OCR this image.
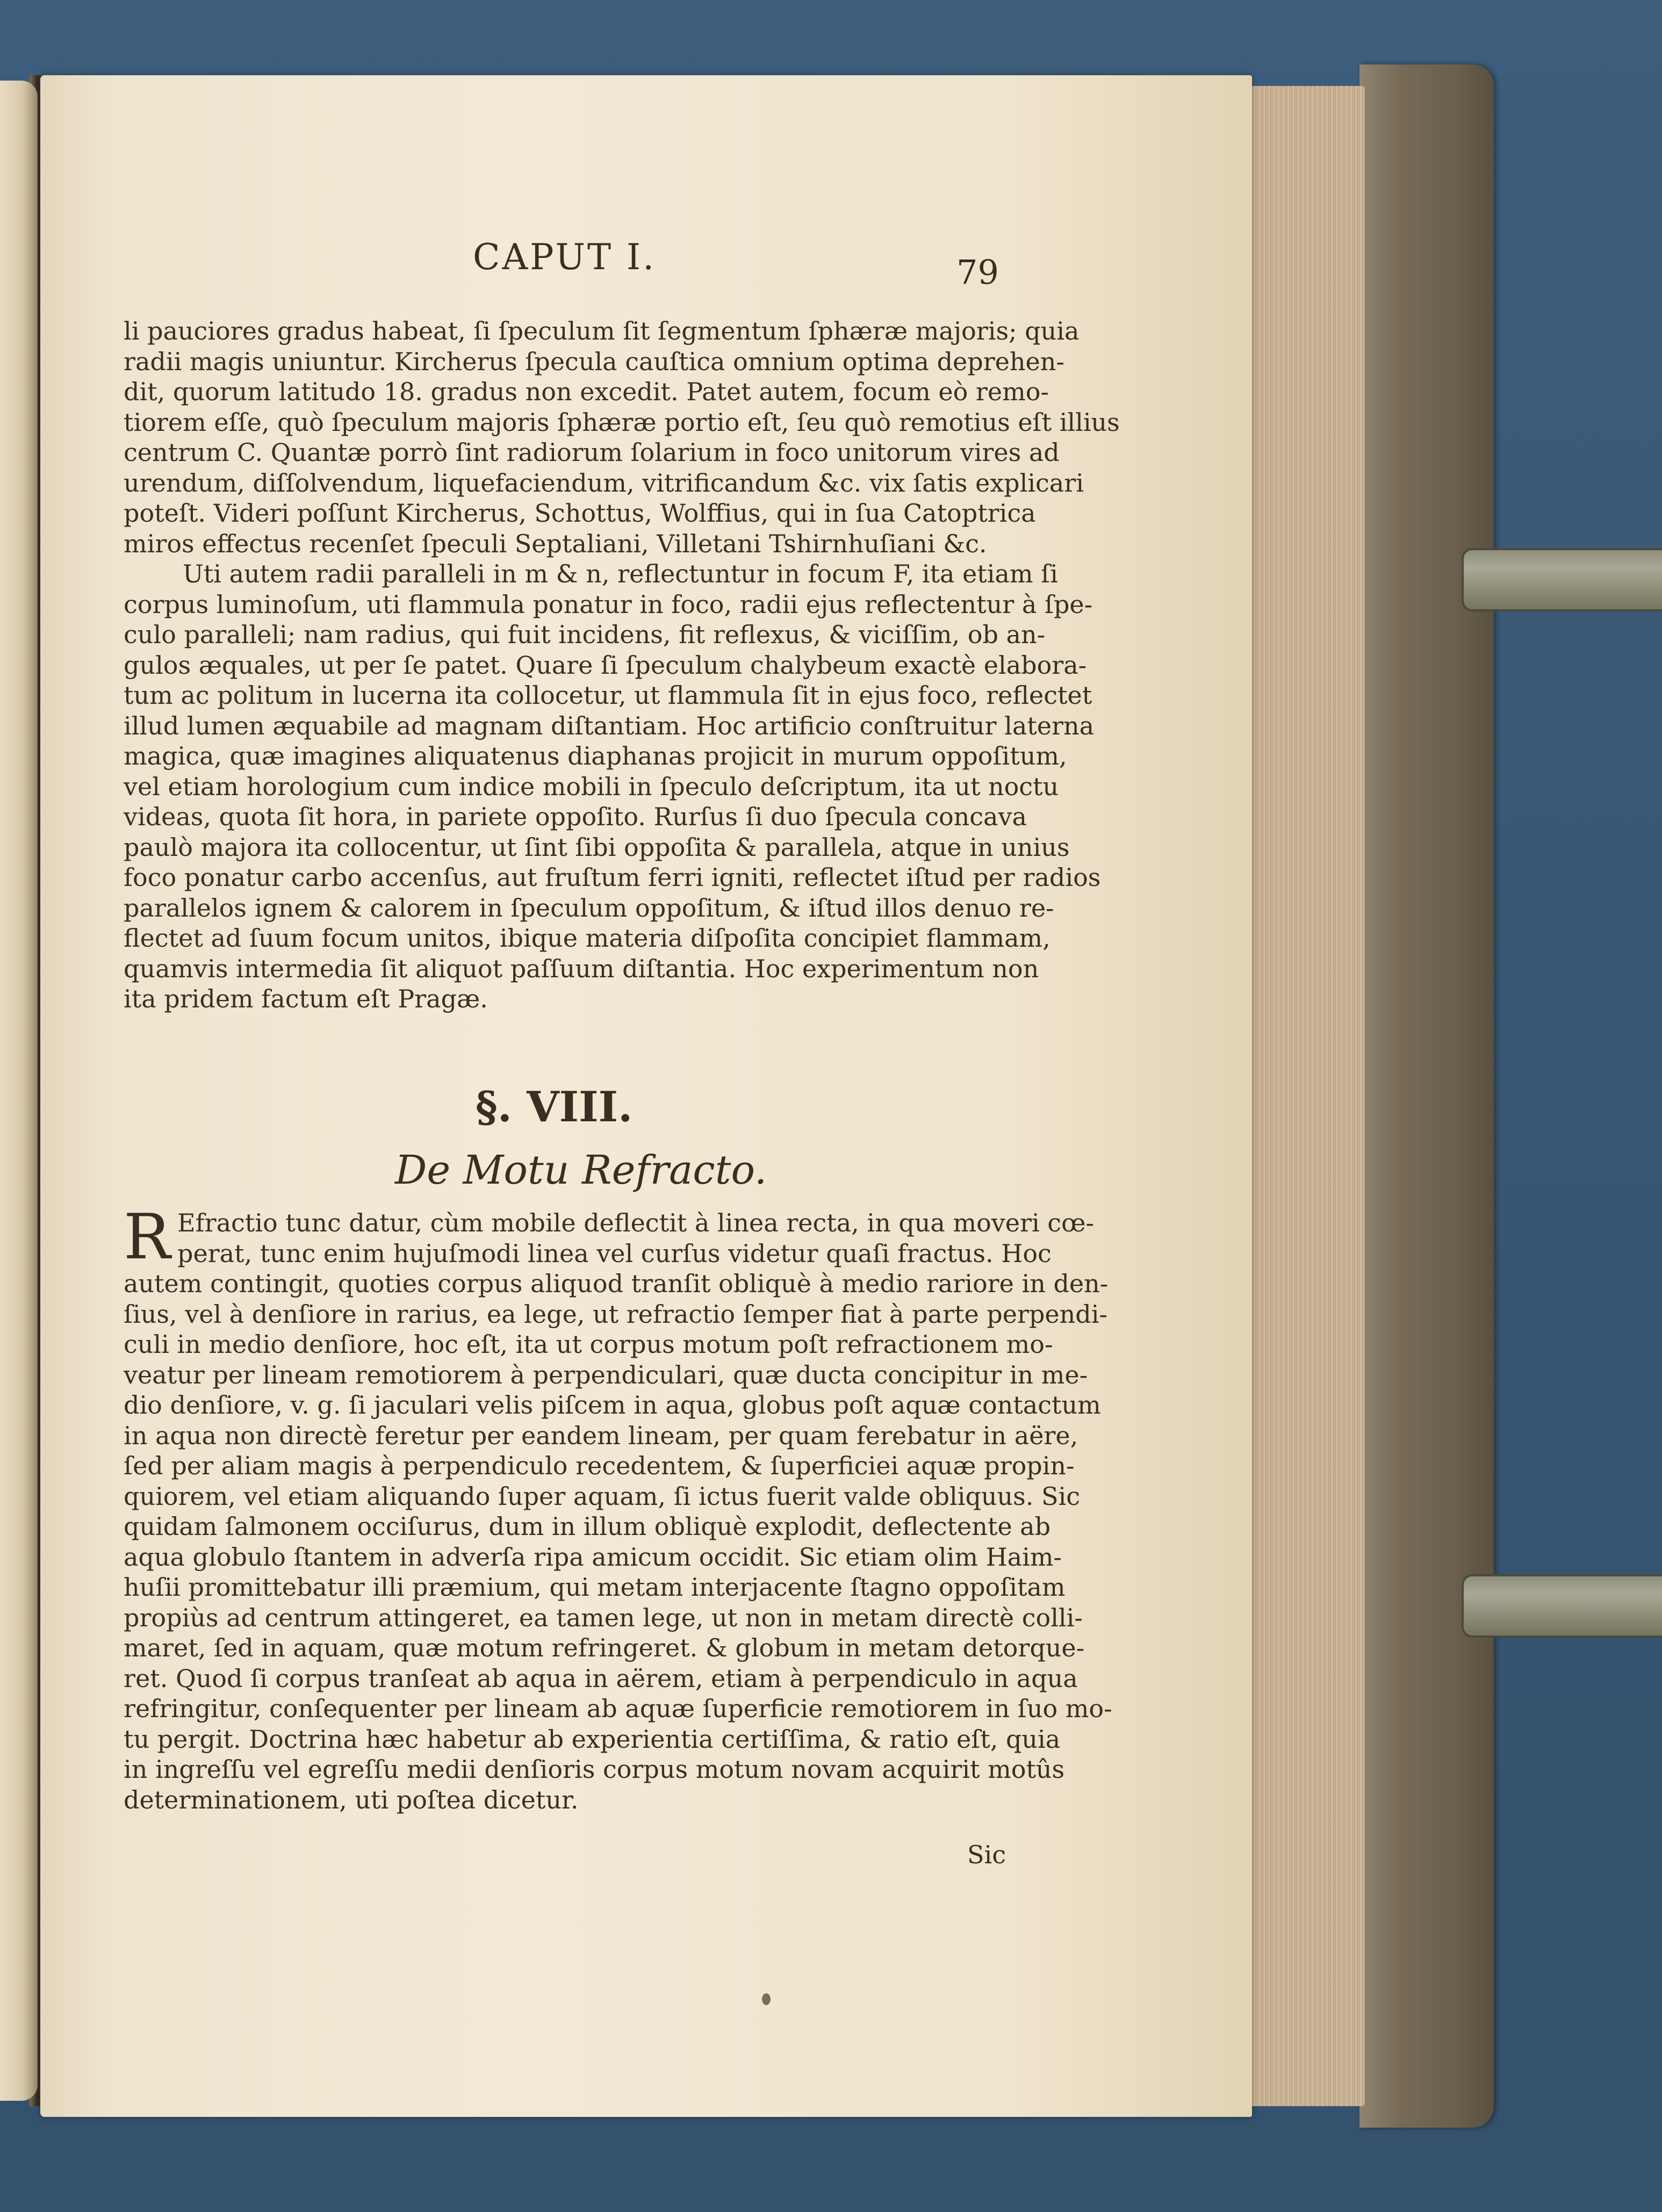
CAPUT I.	79
li pauciores gradus habeat, ſi ſpeculum ſit ſegmentum ſphæræ majoris; quia
radii magis uniuntur. Kircherus ſpecula cauſtica omnium optima deprehen-
dit, quorum latitudo 18. gradus non excedit. Patet autem, focum eò remo-
tiorem eſſe, quò ſpeculum majoris ſphæræ portio eſt, ſeu quò remotius eſt illius
centrum C. Quantæ porrò ſint radiorum ſolarium in foco unitorum vires ad
urendum, diſſolvendum, liquefaciendum, vitrificandum &c. vix ſatis explicari
poteſt. Videri poſſunt Kircherus, Schottus, Wolffius, qui in ſua Catoptrica
miros effectus recenſet ſpeculi Septaliani, Villetani Tshirnhuſiani &c.
Uti autem radii paralleli in m & n, reflectuntur in focum F, ita etiam ſi
corpus luminoſum, uti flammula ponatur in foco, radii ejus reflectentur à ſpe-
culo paralleli; nam radius, qui fuit incidens, fit reflexus, & viciſſim, ob an-
gulos æquales, ut per ſe patet. Quare ſi ſpeculum chalybeum exactè elabora-
tum ac politum in lucerna ita collocetur, ut flammula ſit in ejus foco, reflectet
illud lumen æquabile ad magnam diſtantiam. Hoc artificio conſtruitur laterna
magica, quæ imagines aliquatenus diaphanas projicit in murum oppoſitum,
vel etiam horologium cum indice mobili in ſpeculo deſcriptum, ita ut noctu
videas, quota ſit hora, in pariete oppoſito. Rurſus ſi duo ſpecula concava
paulò majora ita collocentur, ut ſint ſibi oppoſita & parallela, atque in unius
foco ponatur carbo accenſus, aut fruſtum ferri igniti, reflectet iſtud per radios
parallelos ignem & calorem in ſpeculum oppoſitum, & iſtud illos denuo re-
flectet ad ſuum focum unitos, ibique materia diſpoſita concipiet flammam,
quamvis intermedia ſit aliquot paſſuum diſtantia. Hoc experimentum non
ita pridem factum eſt Pragæ.
§. VIII.
De Motu Refracto.
R Efractio tunc datur, cùm mobile deflectit à linea recta, in qua moveri cœ-
perat, tunc enim hujuſmodi linea vel curſus videtur quaſi fractus. Hoc
autem contingit, quoties corpus aliquod tranſit obliquè à medio rariore in den-
ſius, vel à denſiore in rarius, ea lege, ut refractio ſemper fiat à parte perpendi-
culi in medio denſiore, hoc eſt, ita ut corpus motum poſt refractionem mo-
veatur per lineam remotiorem à perpendiculari, quæ ducta concipitur in me-
dio denſiore, v. g. ſi jaculari velis piſcem in aqua, globus poſt aquæ contactum
in aqua non directè feretur per eandem lineam, per quam ferebatur in aëre,
ſed per aliam magis à perpendiculo recedentem, & ſuperficiei aquæ propin-
quiorem, vel etiam aliquando ſuper aquam, ſi ictus fuerit valde obliquus. Sic
quidam ſalmonem occiſurus, dum in illum obliquè explodit, deflectente ab
aqua globulo ſtantem in adverſa ripa amicum occidit. Sic etiam olim Haim-
huſii promittebatur illi præmium, qui metam interjacente ſtagno oppoſitam
propiùs ad centrum attingeret, ea tamen lege, ut non in metam directè colli-
maret, ſed in aquam, quæ motum refringeret. & globum in metam detorque-
ret. Quod ſi corpus tranſeat ab aqua in aërem, etiam à perpendiculo in aqua
refringitur, conſequenter per lineam ab aquæ ſuperficie remotiorem in ſuo mo-
tu pergit. Doctrina hæc habetur ab experientia certiſſima, & ratio eſt, quia
in ingreſſu vel egreſſu medii denſioris corpus motum novam acquirit motûs
determinationem, uti poſtea dicetur.
Sic
